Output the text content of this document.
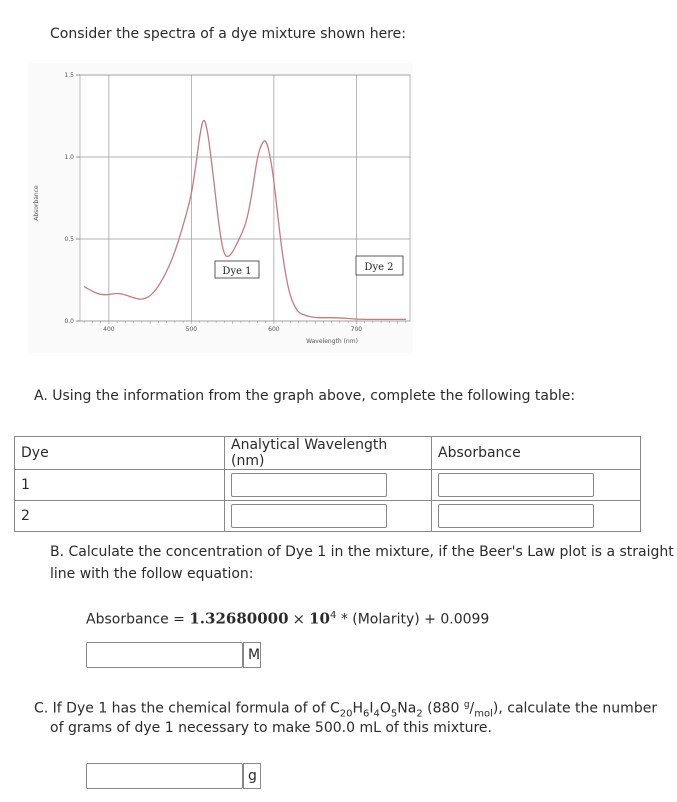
Consider the spectra of a dye mixture shown here:
400	500	600	700
0.0
0.5
1.0
1.5
Absorbance
Wavelength (nm)
Dye 1	Dye 2
A. Using the information from the graph above, complete the following table:
Dye	Analytical Wavelength (nm)	Absorbance
1	

2	

B. Calculate the concentration of Dye 1 in the mixture, if the Beer's Law plot is a straight
line with the follow equation:
Absorbance = $1.32680000 \times 10^4$ * (Molarity) + 0.0099
M
C. If Dye 1 has the chemical formula of of $C_{20}H_6I_4O_5Na_2$ (880 $^g/_{mol}$), calculate the number
of grams of dye 1 necessary to make 500.0 mL of this mixture.
g
